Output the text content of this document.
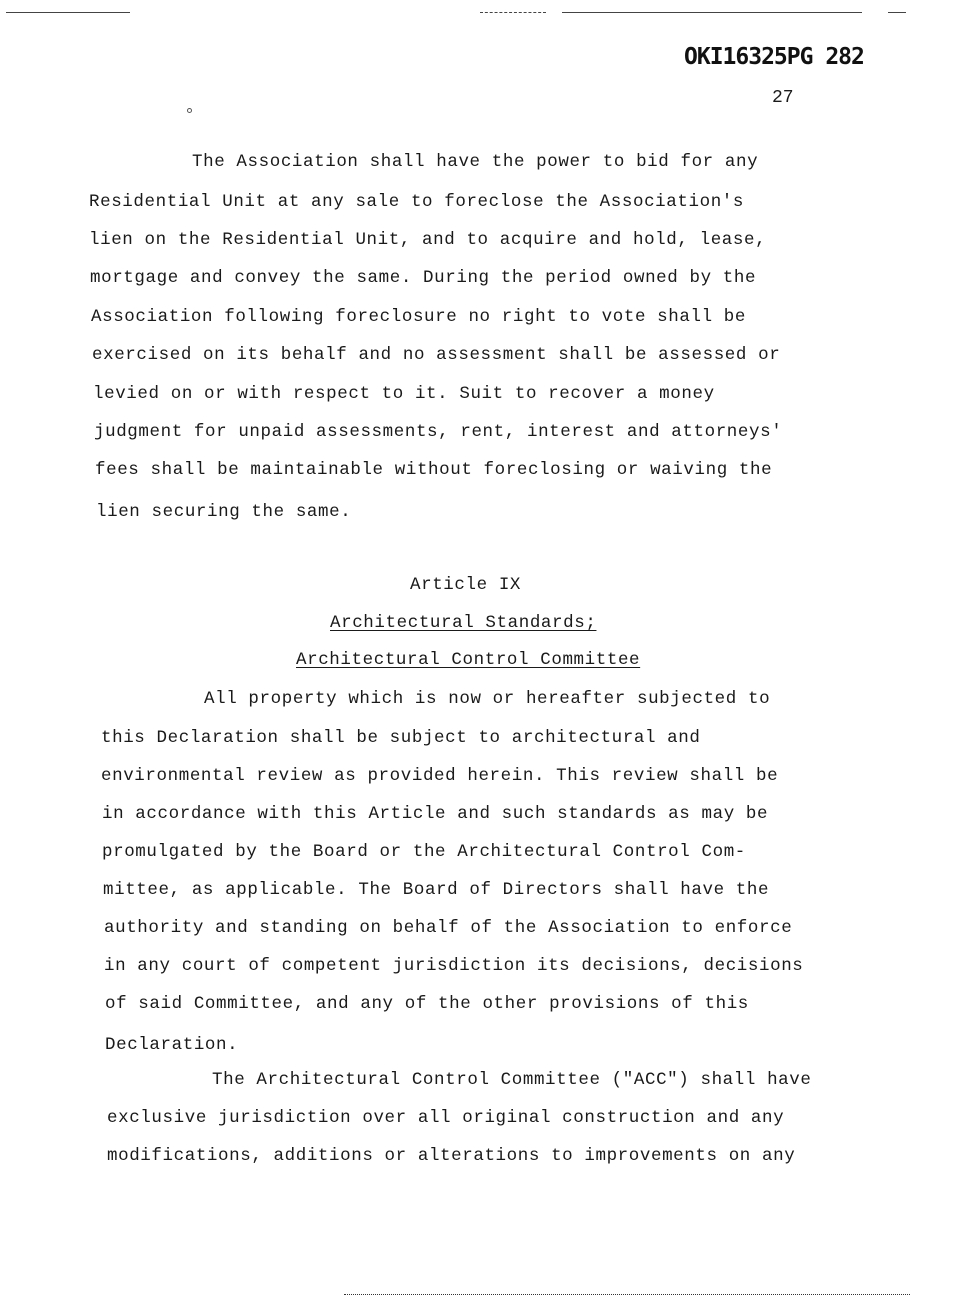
OKI16325PG 282
27
The Association shall have the power to bid for any
Residential Unit at any sale to foreclose the Association's
lien on the Residential Unit, and to acquire and hold, lease,
mortgage and convey the same. During the period owned by the
Association following foreclosure no right to vote shall be
exercised on its behalf and no assessment shall be assessed or
levied on or with respect to it. Suit to recover a money
judgment for unpaid assessments, rent, interest and attorneys'
fees shall be maintainable without foreclosing or waiving the
lien securing the same.
Article IX
Architectural Standards;
Architectural Control Committee
All property which is now or hereafter subjected to
this Declaration shall be subject to architectural and
environmental review as provided herein. This review shall be
in accordance with this Article and such standards as may be
promulgated by the Board or the Architectural Control Com-
mittee, as applicable. The Board of Directors shall have the
authority and standing on behalf of the Association to enforce
in any court of competent jurisdiction its decisions, decisions
of said Committee, and any of the other provisions of this
Declaration.
The Architectural Control Committee ("ACC") shall have
exclusive jurisdiction over all original construction and any
modifications, additions or alterations to improvements on any
